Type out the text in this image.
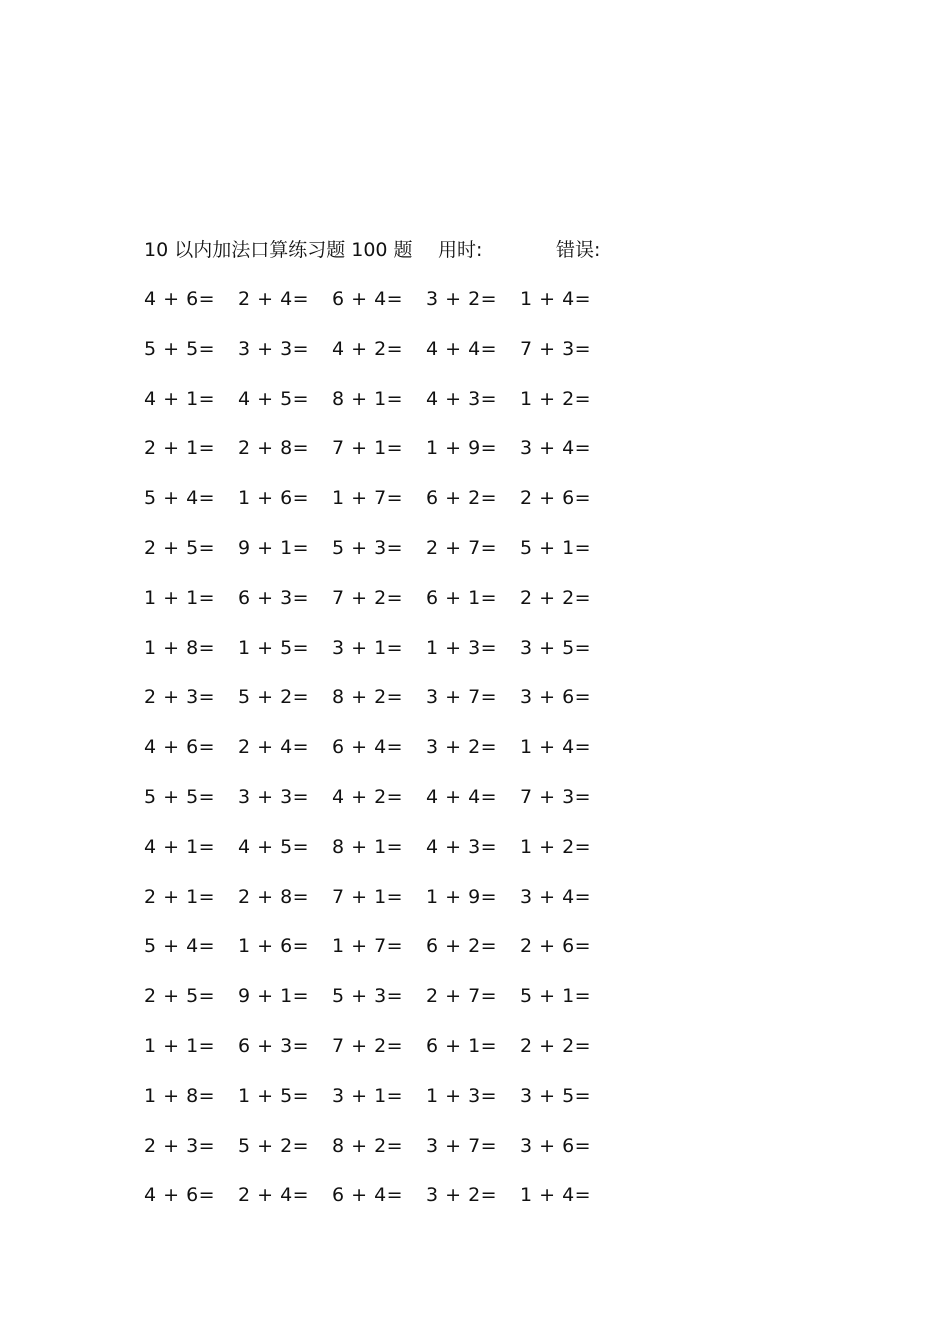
10 以内加法口算练习题 100 题 用时:	错误:
4 + 6=	2 + 4=	6 + 4=	3 + 2=	1 + 4=
5 + 5=	3 + 3=	4 + 2=	4 + 4=	7 + 3=
4 + 1=	4 + 5=	8 + 1=	4 + 3=	1 + 2=
2 + 1=	2 + 8=	7 + 1=	1 + 9=	3 + 4=
5 + 4=	1 + 6=	1 + 7=	6 + 2=	2 + 6=
2 + 5=	9 + 1=	5 + 3=	2 + 7=	5 + 1=
1 + 1=	6 + 3=	7 + 2=	6 + 1=	2 + 2=
1 + 8=	1 + 5=	3 + 1=	1 + 3=	3 + 5=
2 + 3=	5 + 2=	8 + 2=	3 + 7=	3 + 6=
4 + 6=	2 + 4=	6 + 4=	3 + 2=	1 + 4=
5 + 5=	3 + 3=	4 + 2=	4 + 4=	7 + 3=
4 + 1=	4 + 5=	8 + 1=	4 + 3=	1 + 2=
2 + 1=	2 + 8=	7 + 1=	1 + 9=	3 + 4=
5 + 4=	1 + 6=	1 + 7=	6 + 2=	2 + 6=
2 + 5=	9 + 1=	5 + 3=	2 + 7=	5 + 1=
1 + 1=	6 + 3=	7 + 2=	6 + 1=	2 + 2=
1 + 8=	1 + 5=	3 + 1=	1 + 3=	3 + 5=
2 + 3=	5 + 2=	8 + 2=	3 + 7=	3 + 6=
4 + 6=	2 + 4=	6 + 4=	3 + 2=	1 + 4=
